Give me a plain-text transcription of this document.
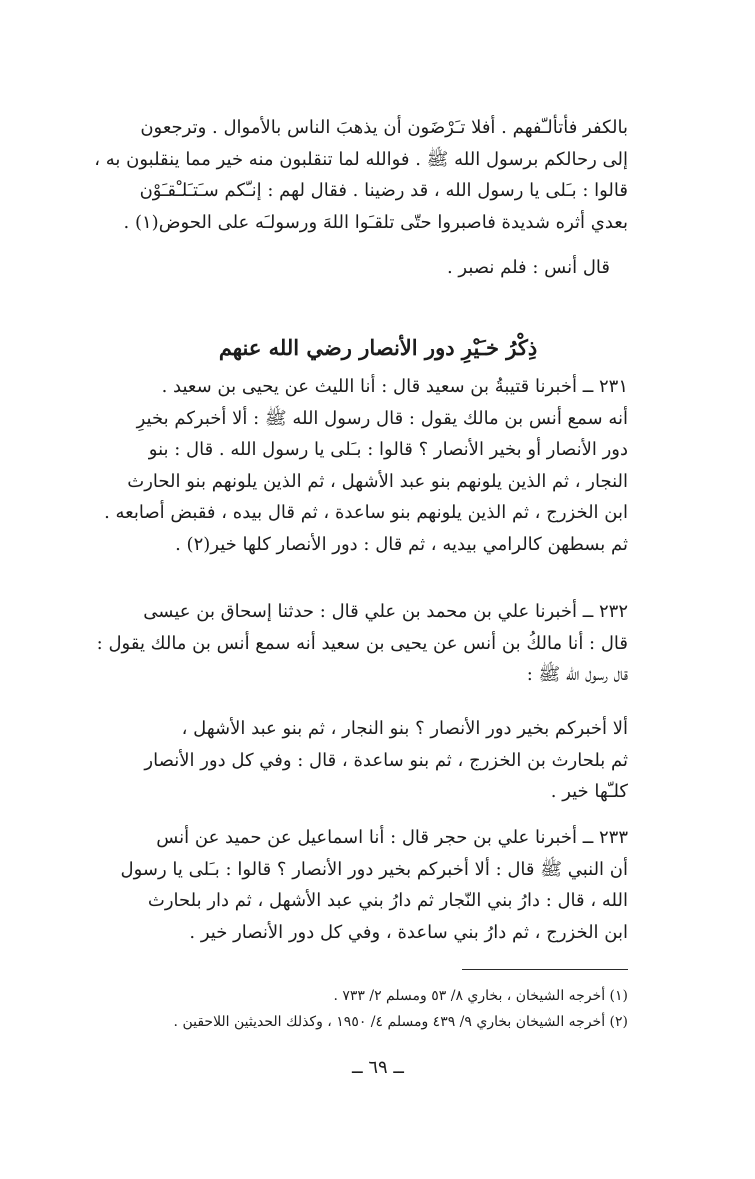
بالكفر فأتألـّفهم . أفلا تـَرْضَون أن يذهبَ الناس بالأموال . وترجعون
إلى رحالكم برسول الله ﷺ . فوالله لما تنقلبون منه خير مما ينقلبون به ،
قالوا : بـَلى يا رسول الله ، قد رضينا . فقال لهم : إنـّكم سـَتـَلـْقـَوْن
بعدي أثره شديدة فاصبروا حتّى تلقـَوا اللهَ ورسولـَه على الحوض(١) .
قال أنس : فلم نصبر .
ذِكْرُ خـَيْرِ دور الأنصار رضي الله عنهم
٢٣١ ــ أخبرنا قتيبةُ بن سعيد قال : أنا الليث عن يحيى بن سعيد .
أنه سمع أنس بن مالك يقول : قال رسول الله ﷺ : ألا أخبركم بخيرِ
دور الأنصار أو بخير الأنصار ؟ قالوا : بـَلى يا رسول الله . قال : بنو
النجار ، ثم الذين يلونهم بنو عبد الأشهل ، ثم الذين يلونهم بنو الحارث
ابن الخزرج ، ثم الذين يلونهم بنو ساعدة ، ثم قال بيده ، فقبض أصابعه .
ثم بسطهن كالرامي بيديه ، ثم قال : دور الأنصار كلها خير(٢) .
٢٣٢ ــ أخبرنا علي بن محمد بن علي قال : حدثنا إسحاق بن عيسى
قال : أنا مالكُ بن أنس عن يحيى بن سعيد أنه سمع أنس بن مالك يقول :
قال رسول الله ﷺ :
ألا أخبركم بخير دور الأنصار ؟ بنو النجار ، ثم بنو عبد الأشهل ،
ثم بلحارث بن الخزرج ، ثم بنو ساعدة ، قال : وفي كل دور الأنصار
كلـّها خير .
٢٣٣ ــ أخبرنا علي بن حجر قال : أنا اسماعيل عن حميد عن أنس
أن النبي ﷺ قال : ألا أخبركم بخير دور الأنصار ؟ قالوا : بـَلى يا رسول
الله ، قال : دارُ بني النّجار ثم دارُ بني عبد الأشهل ، ثم دار بلحارث
ابن الخزرج ، ثم دارُ بني ساعدة ، وفي كل دور الأنصار خير .
(١) أخرجه الشيخان ، بخاري ٨/ ٥٣ ومسلم ٢/ ٧٣٣ .
(٢) أخرجه الشيخان بخاري ٩/ ٤٣٩ ومسلم ٤/ ١٩٥٠ ، وكذلك الحديثين اللاحقين .
ــ ٦٩ ــ
